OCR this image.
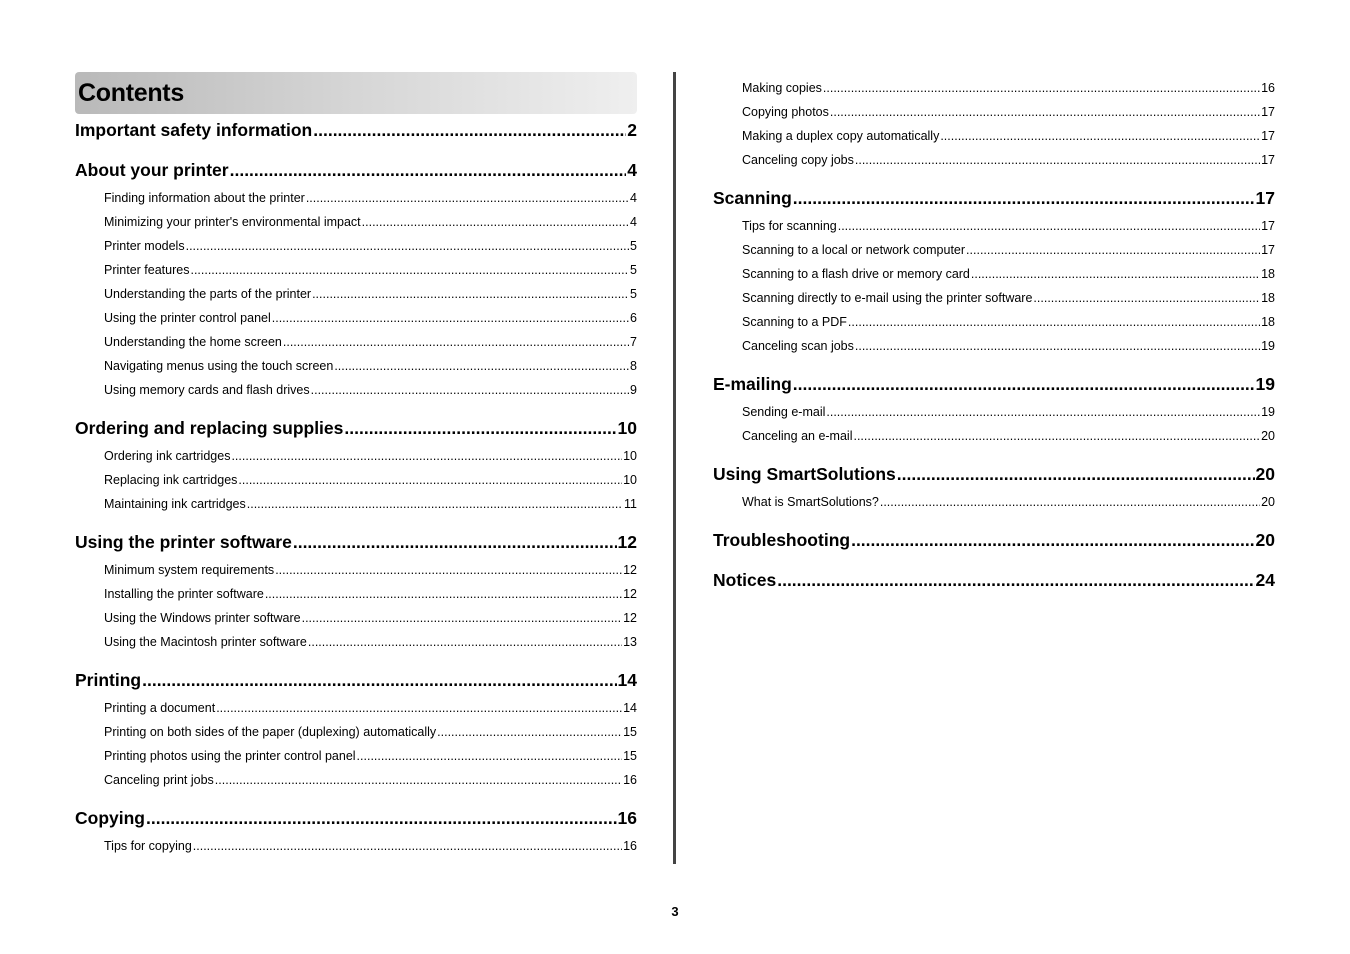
Contents
Important safety information .....	2
About your printer .....	4
Finding information about the printer .....	4
Minimizing your printer's environmental impact .....	4
Printer models .....	5
Printer features .....	5
Understanding the parts of the printer .....	5
Using the printer control panel .....	6
Understanding the home screen .....	7
Navigating menus using the touch screen .....	8
Using memory cards and flash drives .....	9
Ordering and replacing supplies .....	10
Ordering ink cartridges .....	10
Replacing ink cartridges .....	10
Maintaining ink cartridges .....	11
Using the printer software .....	12
Minimum system requirements .....	12
Installing the printer software .....	12
Using the Windows printer software .....	12
Using the Macintosh printer software .....	13
Printing .....	14
Printing a document .....	14
Printing on both sides of the paper (duplexing) automatically .....	15
Printing photos using the printer control panel .....	15
Canceling print jobs .....	16
Copying .....	16
Tips for copying .....	16
Making copies .....	16
Copying photos .....	17
Making a duplex copy automatically .....	17
Canceling copy jobs .....	17
Scanning .....	17
Tips for scanning .....	17
Scanning to a local or network computer .....	17
Scanning to a flash drive or memory card .....	18
Scanning directly to e-mail using the printer software .....	18
Scanning to a PDF .....	18
Canceling scan jobs .....	19
E-mailing .....	19
Sending e-mail .....	19
Canceling an e-mail .....	20
Using SmartSolutions .....	20
What is SmartSolutions? .....	20
Troubleshooting .....	20
Notices .....	24
3
